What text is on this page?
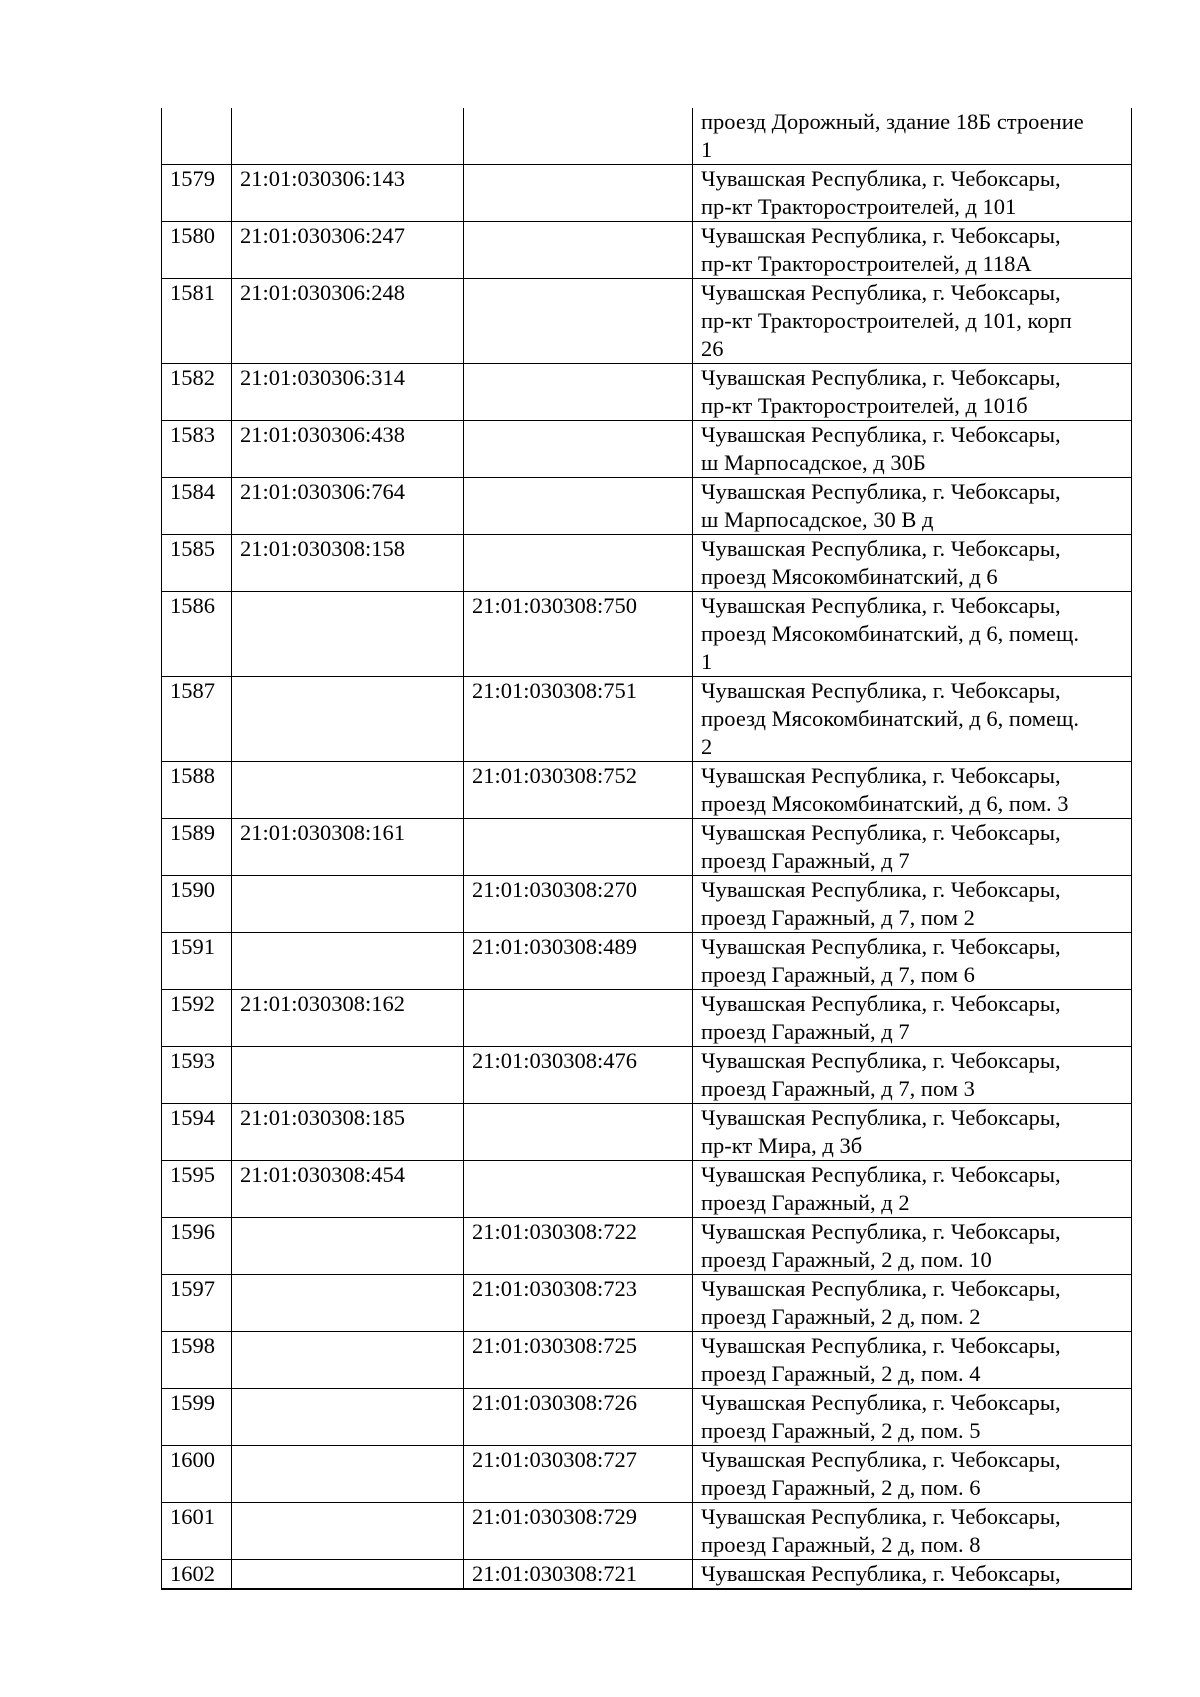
			проезд Дорожный, здание 18Б строение
1
1579	21:01:030306:143		Чувашская Республика, г. Чебоксары,
пр-кт Тракторостроителей, д 101
1580	21:01:030306:247		Чувашская Республика, г. Чебоксары,
пр-кт Тракторостроителей, д 118А
1581	21:01:030306:248		Чувашская Республика, г. Чебоксары,
пр-кт Тракторостроителей, д 101, корп
26
1582	21:01:030306:314		Чувашская Республика, г. Чебоксары,
пр-кт Тракторостроителей, д 101б
1583	21:01:030306:438		Чувашская Республика, г. Чебоксары,
ш Марпосадское, д 30Б
1584	21:01:030306:764		Чувашская Республика, г. Чебоксары,
ш Марпосадское, 30 В д
1585	21:01:030308:158		Чувашская Республика, г. Чебоксары,
проезд Мясокомбинатский, д 6
1586		21:01:030308:750	Чувашская Республика, г. Чебоксары,
проезд Мясокомбинатский, д 6, помещ.
1
1587		21:01:030308:751	Чувашская Республика, г. Чебоксары,
проезд Мясокомбинатский, д 6, помещ.
2
1588		21:01:030308:752	Чувашская Республика, г. Чебоксары,
проезд Мясокомбинатский, д 6, пом. 3
1589	21:01:030308:161		Чувашская Республика, г. Чебоксары,
проезд Гаражный, д 7
1590		21:01:030308:270	Чувашская Республика, г. Чебоксары,
проезд Гаражный, д 7, пом 2
1591		21:01:030308:489	Чувашская Республика, г. Чебоксары,
проезд Гаражный, д 7, пом 6
1592	21:01:030308:162		Чувашская Республика, г. Чебоксары,
проезд Гаражный, д 7
1593		21:01:030308:476	Чувашская Республика, г. Чебоксары,
проезд Гаражный, д 7, пом 3
1594	21:01:030308:185		Чувашская Республика, г. Чебоксары,
пр-кт Мира, д 3б
1595	21:01:030308:454		Чувашская Республика, г. Чебоксары,
проезд Гаражный, д 2
1596		21:01:030308:722	Чувашская Республика, г. Чебоксары,
проезд Гаражный, 2 д, пом. 10
1597		21:01:030308:723	Чувашская Республика, г. Чебоксары,
проезд Гаражный, 2 д, пом. 2
1598		21:01:030308:725	Чувашская Республика, г. Чебоксары,
проезд Гаражный, 2 д, пом. 4
1599		21:01:030308:726	Чувашская Республика, г. Чебоксары,
проезд Гаражный, 2 д, пом. 5
1600		21:01:030308:727	Чувашская Республика, г. Чебоксары,
проезд Гаражный, 2 д, пом. 6
1601		21:01:030308:729	Чувашская Республика, г. Чебоксары,
проезд Гаражный, 2 д, пом. 8
1602		21:01:030308:721	Чувашская Республика, г. Чебоксары,
